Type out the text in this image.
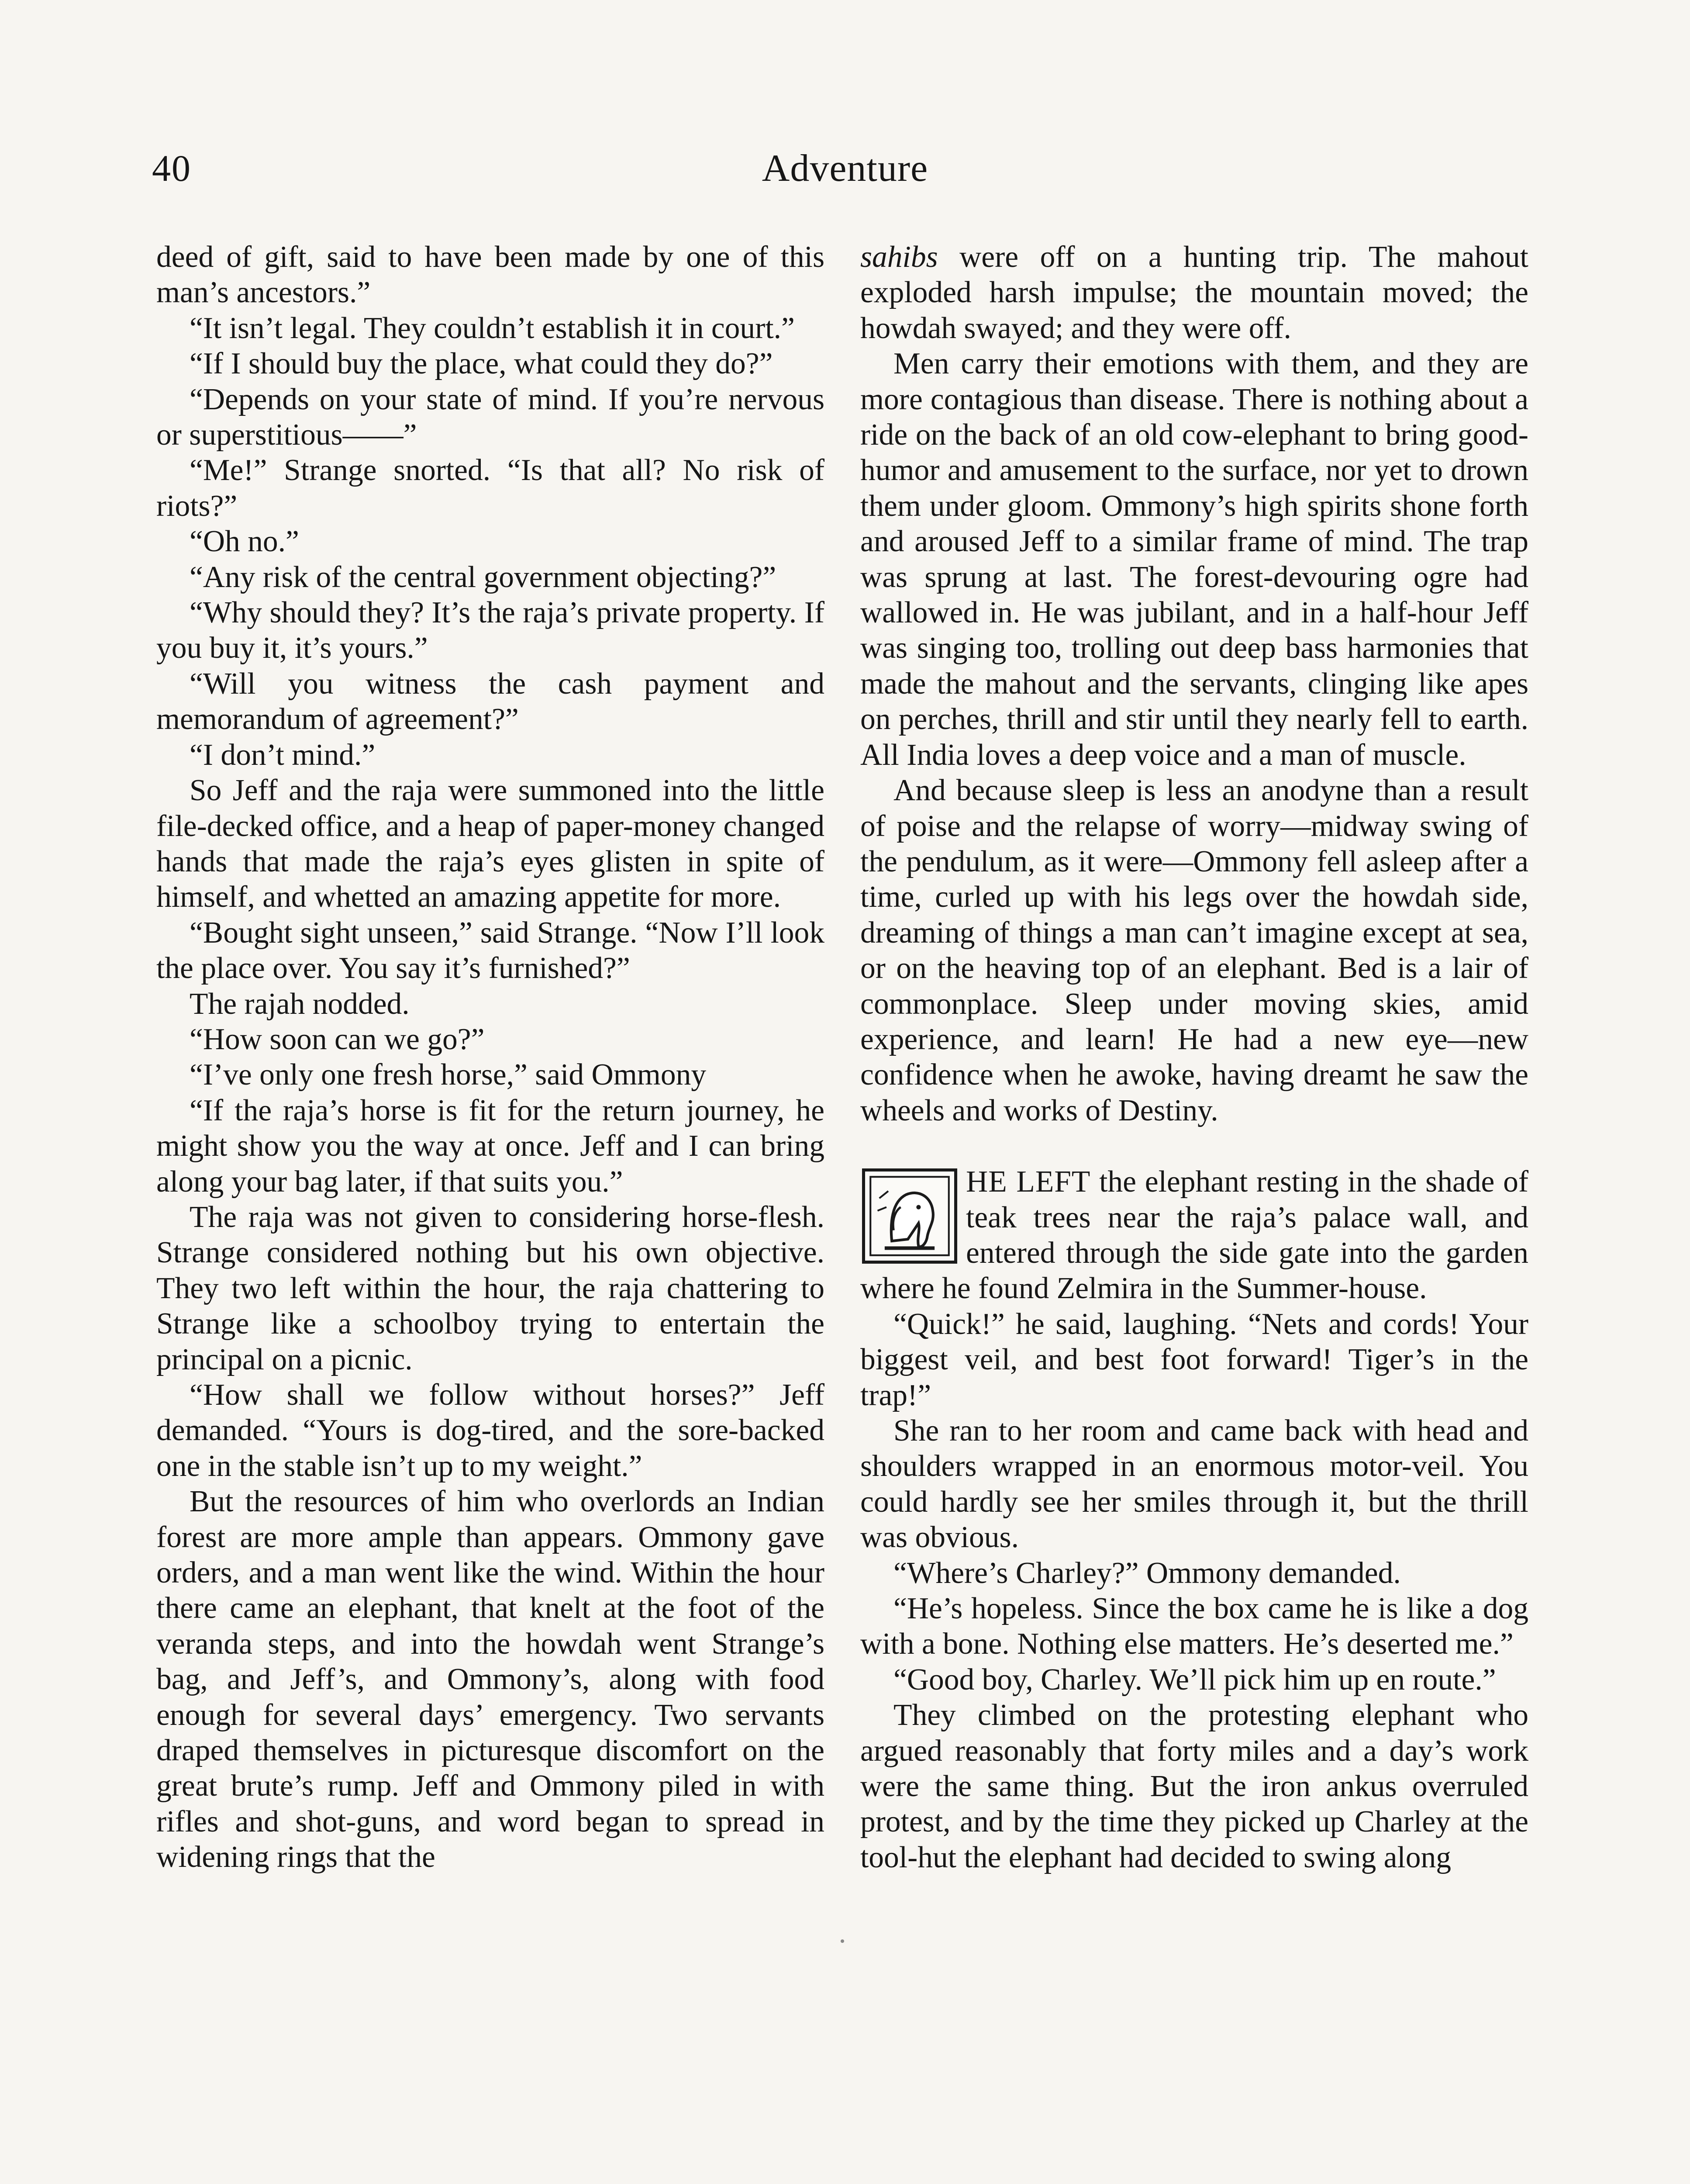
40	Adventure

deed of gift, said to have been made by one of this man’s ancestors.”

“It isn’t legal. They couldn’t establish it in court.”

“If I should buy the place, what could they do?”

“Depends on your state of mind. If you’re nervous or superstitious——”

“Me!” Strange snorted. “Is that all? No risk of riots?”

“Oh no.”

“Any risk of the central government objecting?”

“Why should they? It’s the raja’s private property. If you buy it, it’s yours.”

“Will you witness the cash payment and memorandum of agreement?”

“I don’t mind.”

So Jeff and the raja were summoned into the little file-decked office, and a heap of paper-money changed hands that made the raja’s eyes glisten in spite of himself, and whetted an amazing appetite for more.

“Bought sight unseen,” said Strange. “Now I’ll look the place over. You say it’s furnished?”

The rajah nodded.

“How soon can we go?”

“I’ve only one fresh horse,” said Ommony

“If the raja’s horse is fit for the return journey, he might show you the way at once. Jeff and I can bring along your bag later, if that suits you.”

The raja was not given to considering horse-flesh. Strange considered nothing but his own objective. They two left within the hour, the raja chattering to Strange like a schoolboy trying to entertain the principal on a picnic.

“How shall we follow without horses?” Jeff demanded. “Yours is dog-tired, and the sore-backed one in the stable isn’t up to my weight.”

But the resources of him who overlords an Indian forest are more ample than appears. Ommony gave orders, and a man went like the wind. Within the hour there came an elephant, that knelt at the foot of the veranda steps, and into the howdah went Strange’s bag, and Jeff’s, and Ommony’s, along with food enough for several days’ emergency. Two servants draped themselves in picturesque discomfort on the great brute’s rump. Jeff and Ommony piled in with rifles and shot-guns, and word began to spread in widening rings that the

sahibs were off on a hunting trip. The mahout exploded harsh impulse; the mountain moved; the howdah swayed; and they were off.

Men carry their emotions with them, and they are more contagious than disease. There is nothing about a ride on the back of an old cow-elephant to bring good-humor and amusement to the surface, nor yet to drown them under gloom. Ommony’s high spirits shone forth and aroused Jeff to a similar frame of mind. The trap was sprung at last. The forest-devouring ogre had wallowed in. He was jubilant, and in a half-hour Jeff was singing too, trolling out deep bass harmonies that made the mahout and the servants, clinging like apes on perches, thrill and stir until they nearly fell to earth. All India loves a deep voice and a man of muscle.

And because sleep is less an anodyne than a result of poise and the relapse of worry—midway swing of the pendulum, as it were—Ommony fell asleep after a time, curled up with his legs over the howdah side, dreaming of things a man can’t imagine except at sea, or on the heaving top of an elephant. Bed is a lair of commonplace. Sleep under moving skies, amid experience, and learn! He had a new eye—new confidence when he awoke, having dreamt he saw the wheels and works of Destiny.

HE LEFT the elephant resting in the shade of teak trees near the raja’s palace wall, and entered through the side gate into the garden where he found Zelmira in the Summer-house.

“Quick!” he said, laughing. “Nets and cords! Your biggest veil, and best foot forward! Tiger’s in the trap!”

She ran to her room and came back with head and shoulders wrapped in an enormous motor-veil. You could hardly see her smiles through it, but the thrill was obvious.

“Where’s Charley?” Ommony demanded.

“He’s hopeless. Since the box came he is like a dog with a bone. Nothing else matters. He’s deserted me.”

“Good boy, Charley. We’ll pick him up en route.”

They climbed on the protesting elephant who argued reasonably that forty miles and a day’s work were the same thing. But the iron ankus overruled protest, and by the time they picked up Charley at the tool-hut the elephant had decided to swing along
